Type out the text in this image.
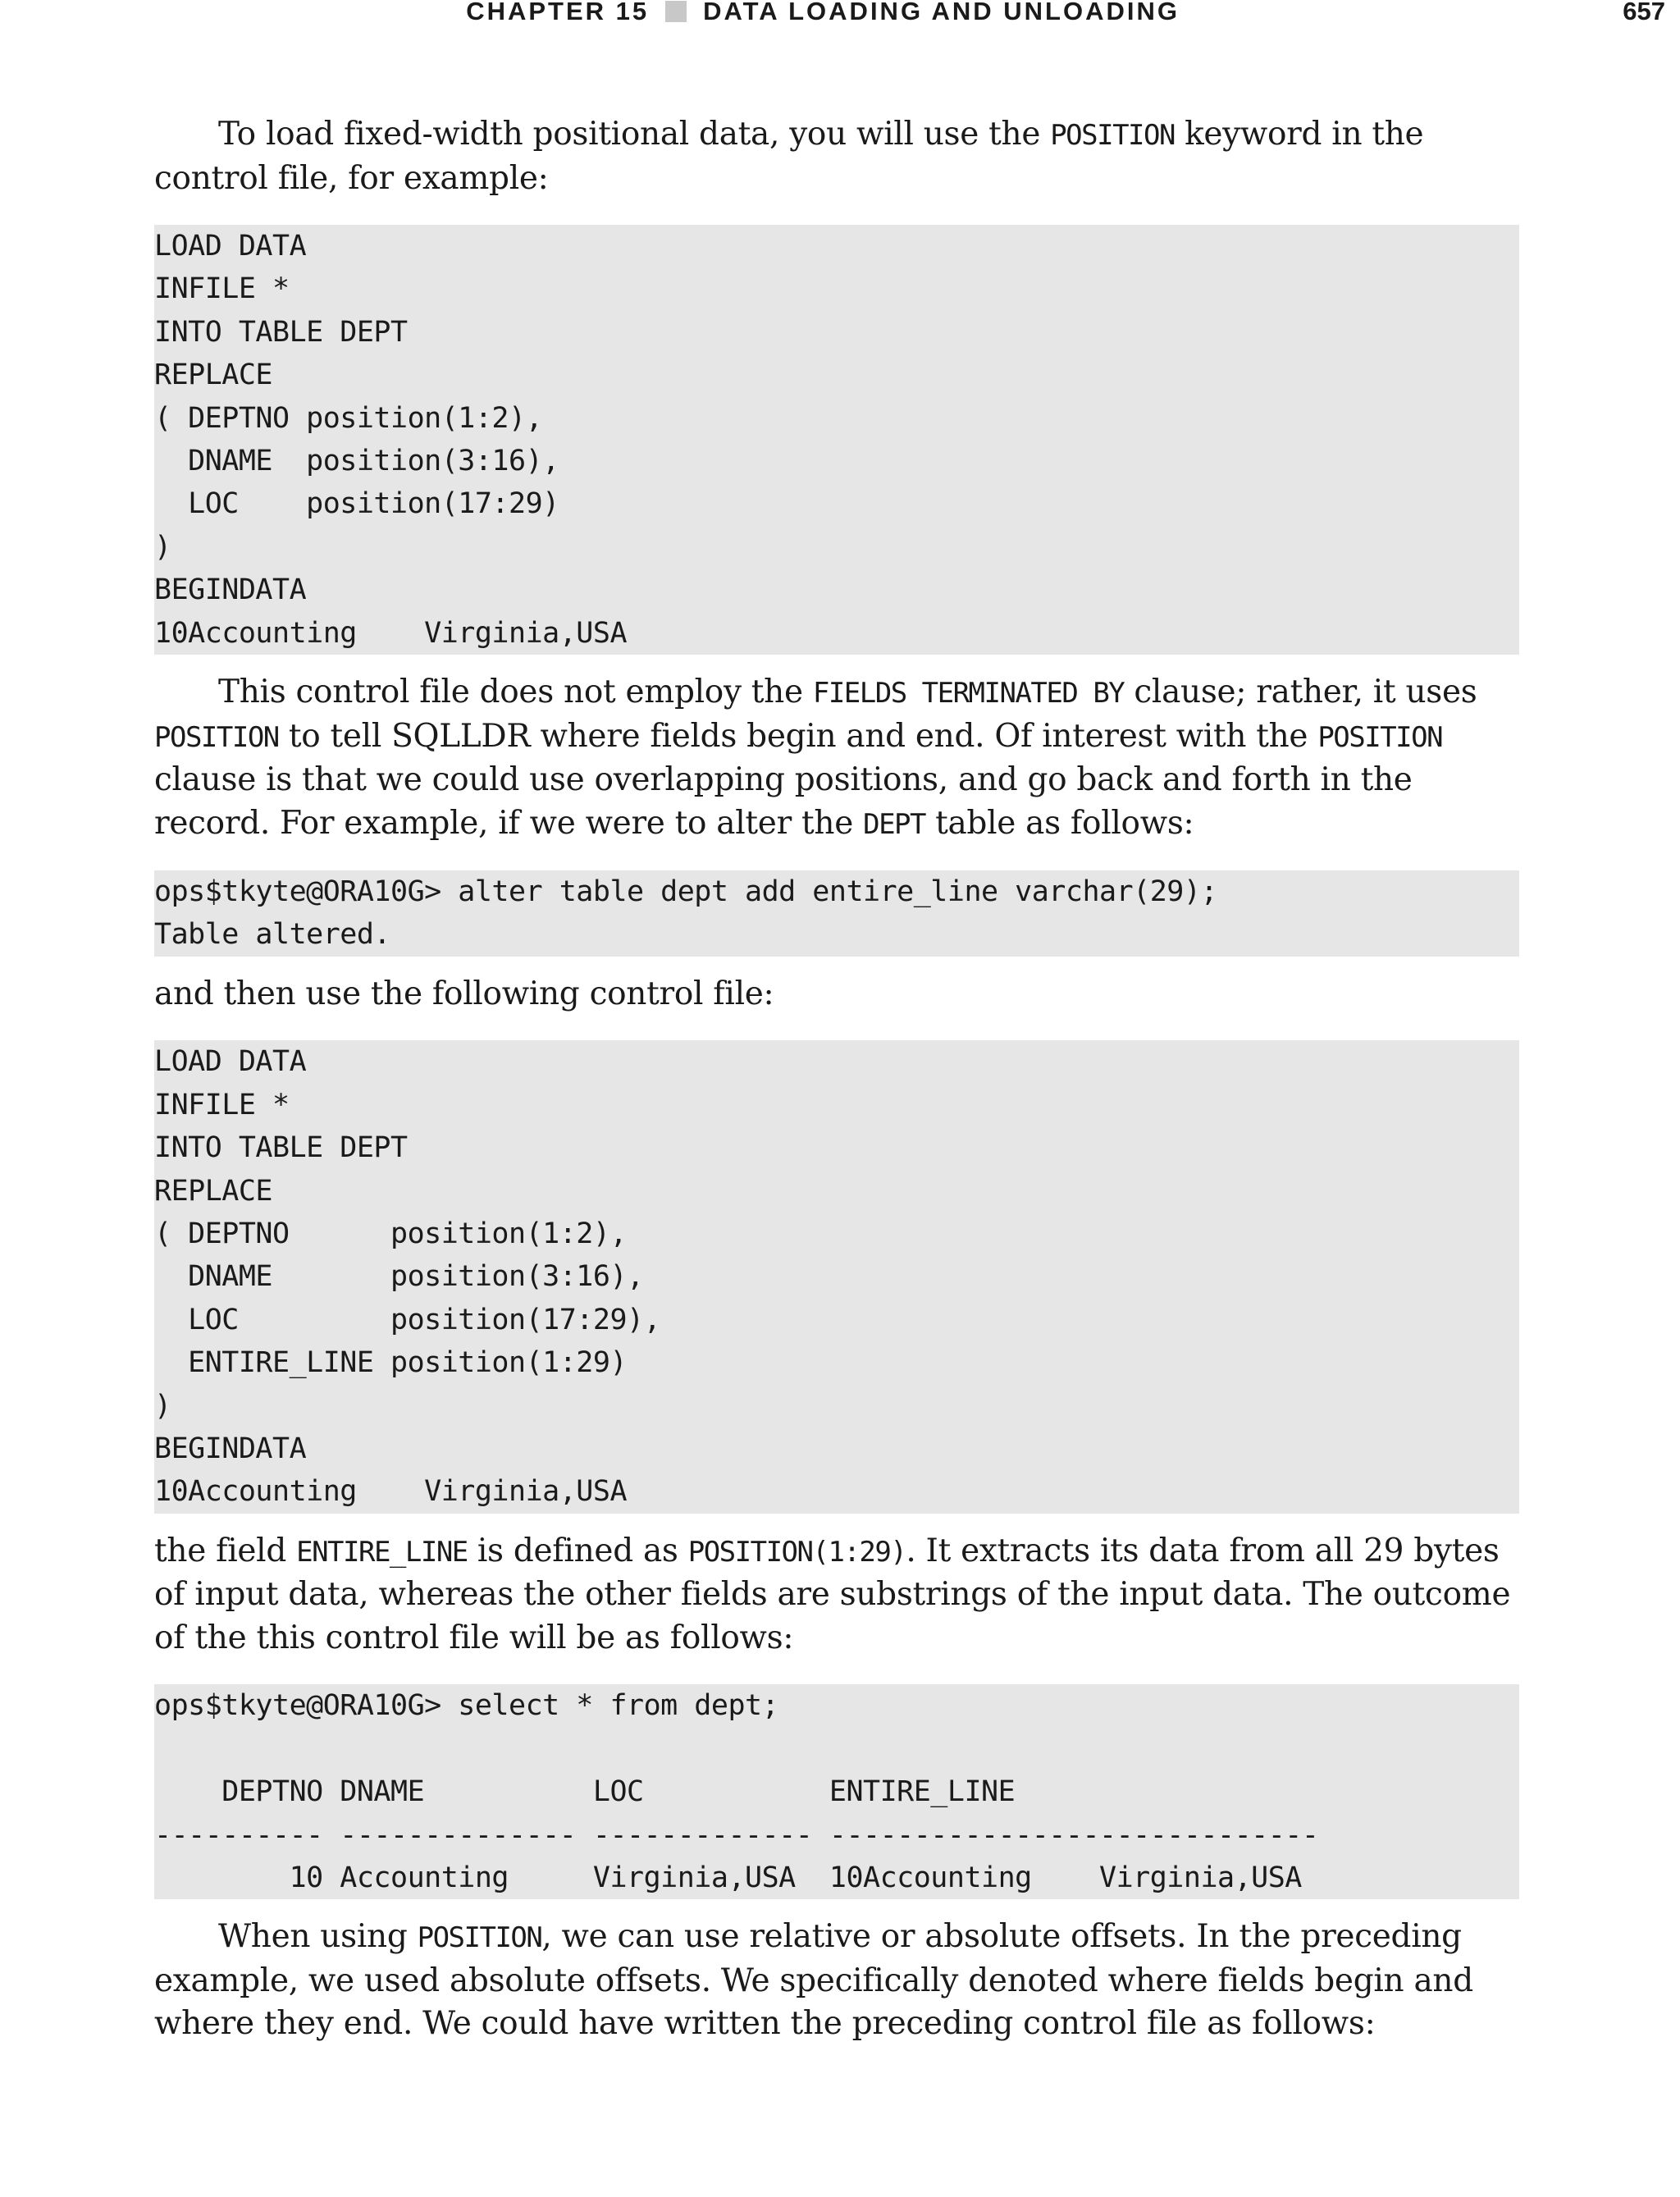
CHAPTER 15 DATA LOADING AND UNLOADING	657

To load fixed-width positional data, you will use the POSITION keyword in the control file, for example:

LOAD DATA
INFILE *
INTO TABLE DEPT
REPLACE
( DEPTNO position(1:2),
DNAME  position(3:16),
LOC    position(17:29)
)
BEGINDATA
10Accounting    Virginia,USA

This control file does not employ the FIELDS TERMINATED BY clause; rather, it uses POSITION to tell SQLLDR where fields begin and end. Of interest with the POSITION clause is that we could use overlapping positions, and go back and forth in the record. For example, if we were to alter the DEPT table as follows:

ops$tkyte@ORA10G> alter table dept add entire_line varchar(29);
Table altered.

and then use the following control file:

LOAD DATA
INFILE *
INTO TABLE DEPT
REPLACE
( DEPTNO      position(1:2),
DNAME       position(3:16),
LOC         position(17:29),
ENTIRE_LINE position(1:29)
)
BEGINDATA
10Accounting    Virginia,USA

the field ENTIRE_LINE is defined as POSITION(1:29). It extracts its data from all 29 bytes of input data, whereas the other fields are substrings of the input data. The outcome of the this control file will be as follows:

ops$tkyte@ORA10G> select * from dept;

DEPTNO DNAME          LOC           ENTIRE_LINE
---------- -------------- ------------- -----------------------------
10 Accounting     Virginia,USA  10Accounting    Virginia,USA

When using POSITION, we can use relative or absolute offsets. In the preceding example, we used absolute offsets. We specifically denoted where fields begin and where they end. We could have written the preceding control file as follows:
